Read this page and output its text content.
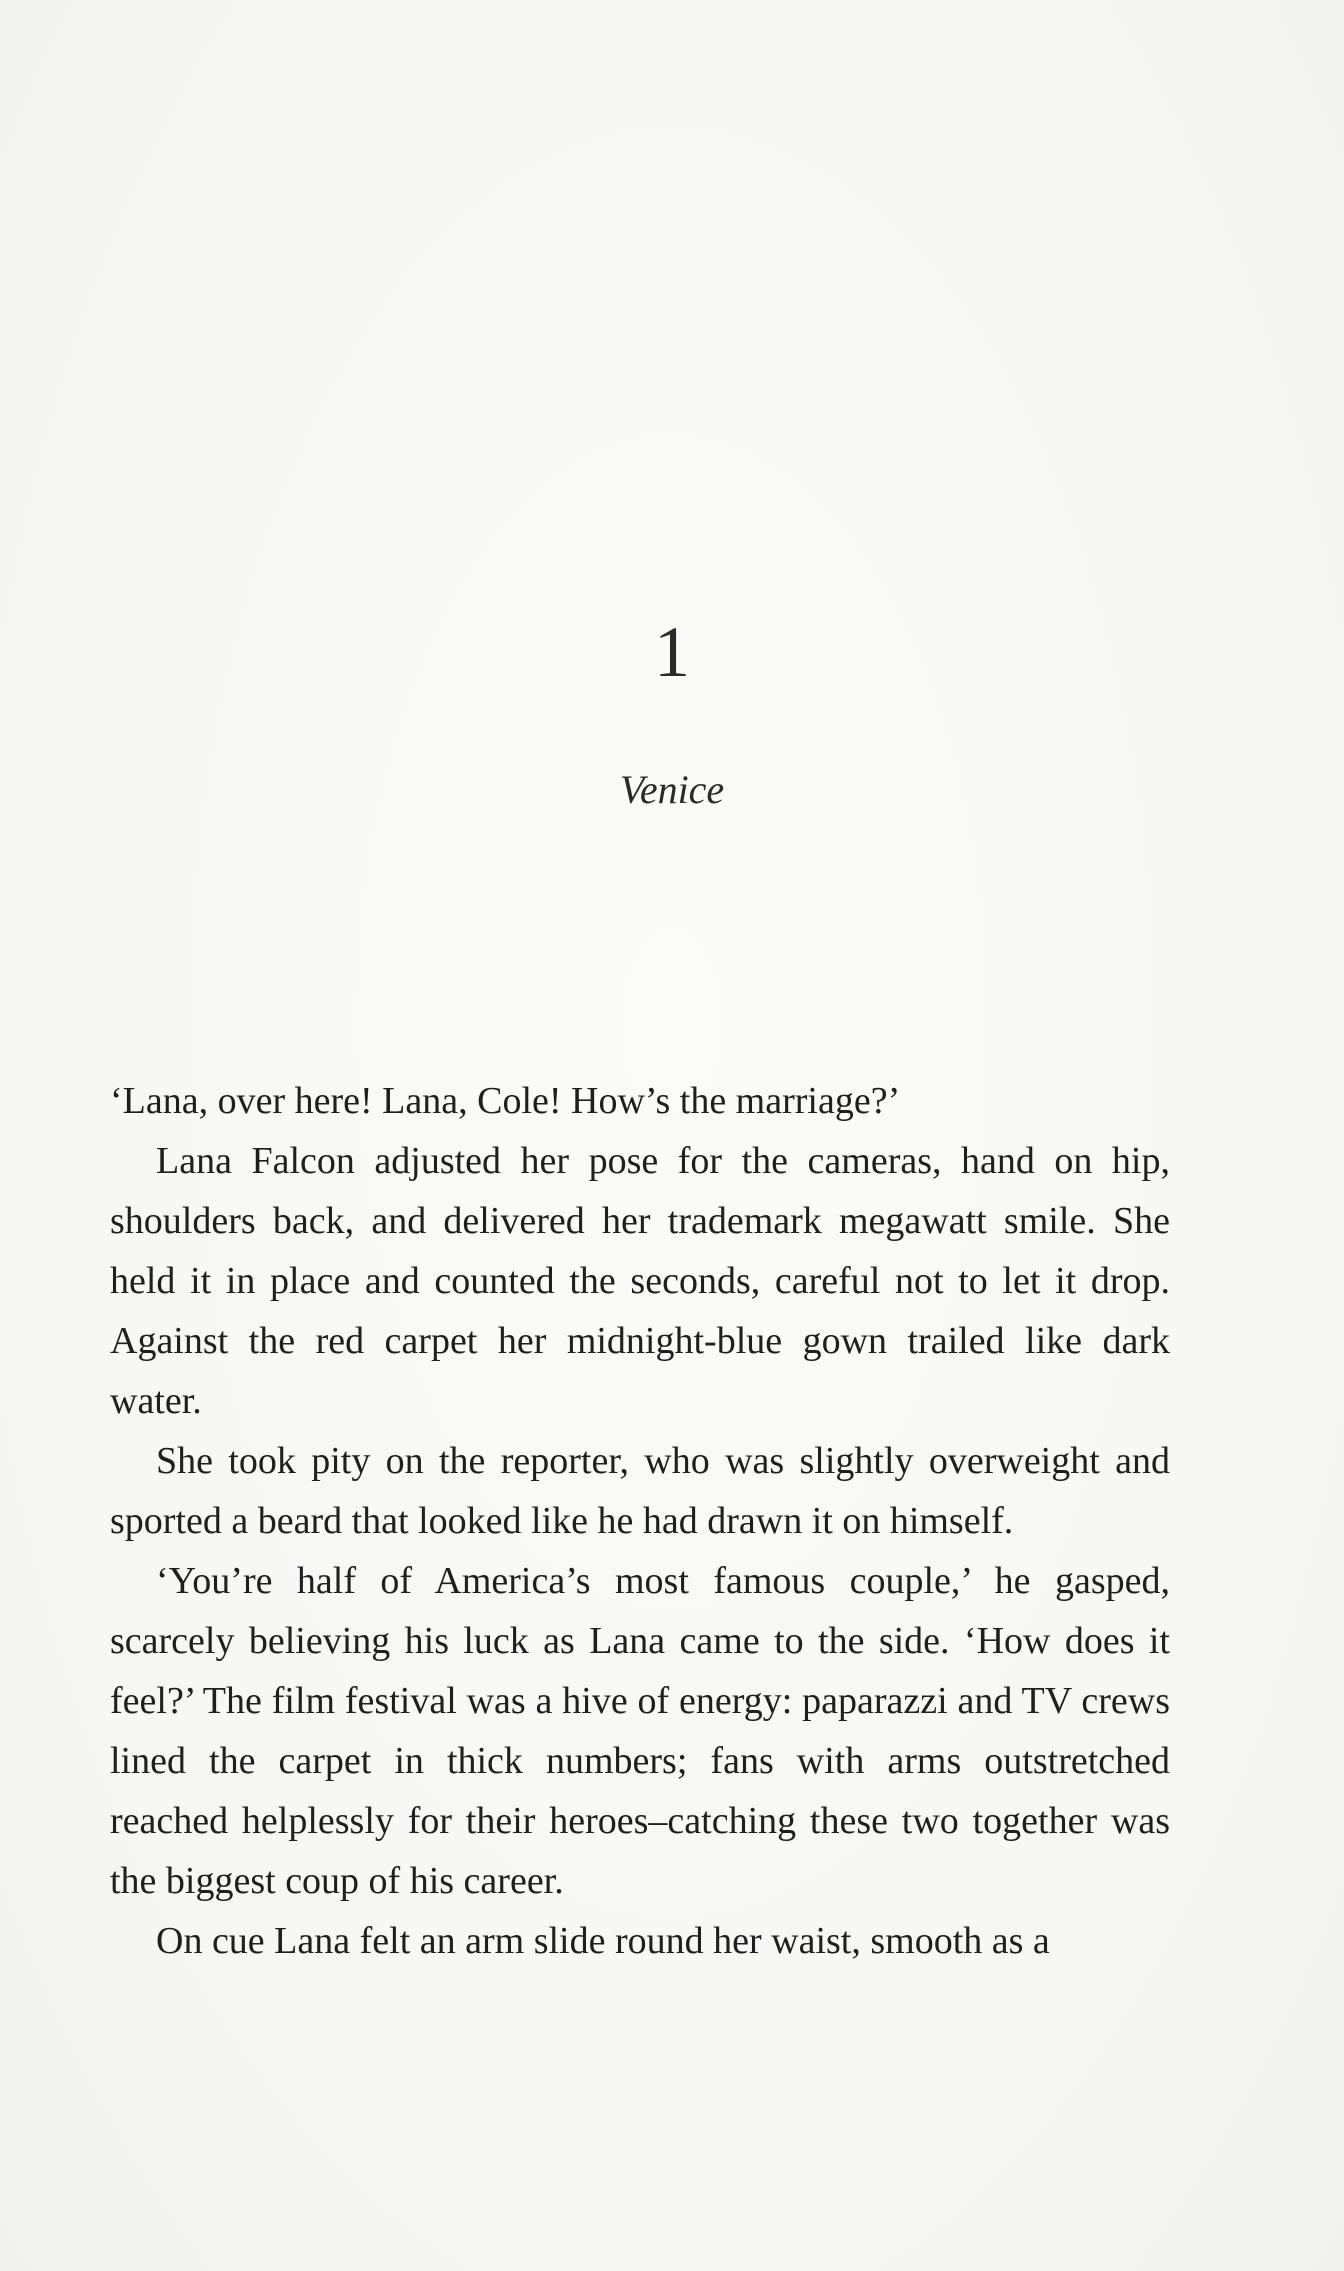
1
Venice

‘Lana, over here! Lana, Cole! How’s the marriage?’

Lana Falcon adjusted her pose for the cameras, hand on hip, shoulders back, and delivered her trademark megawatt smile. She held it in place and counted the seconds, careful not to let it drop. Against the red carpet her midnight-blue gown trailed like dark water.

She took pity on the reporter, who was slightly overweight and sported a beard that looked like he had drawn it on himself.

‘You’re half of America’s most famous couple,’ he gasped, scarcely believing his luck as Lana came to the side. ‘How does it feel?’ The film festival was a hive of energy: paparazzi and TV crews lined the carpet in thick numbers; fans with arms outstretched reached helplessly for their heroes–catching these two together was the biggest coup of his career.

On cue Lana felt an arm slide round her waist, smooth as a
